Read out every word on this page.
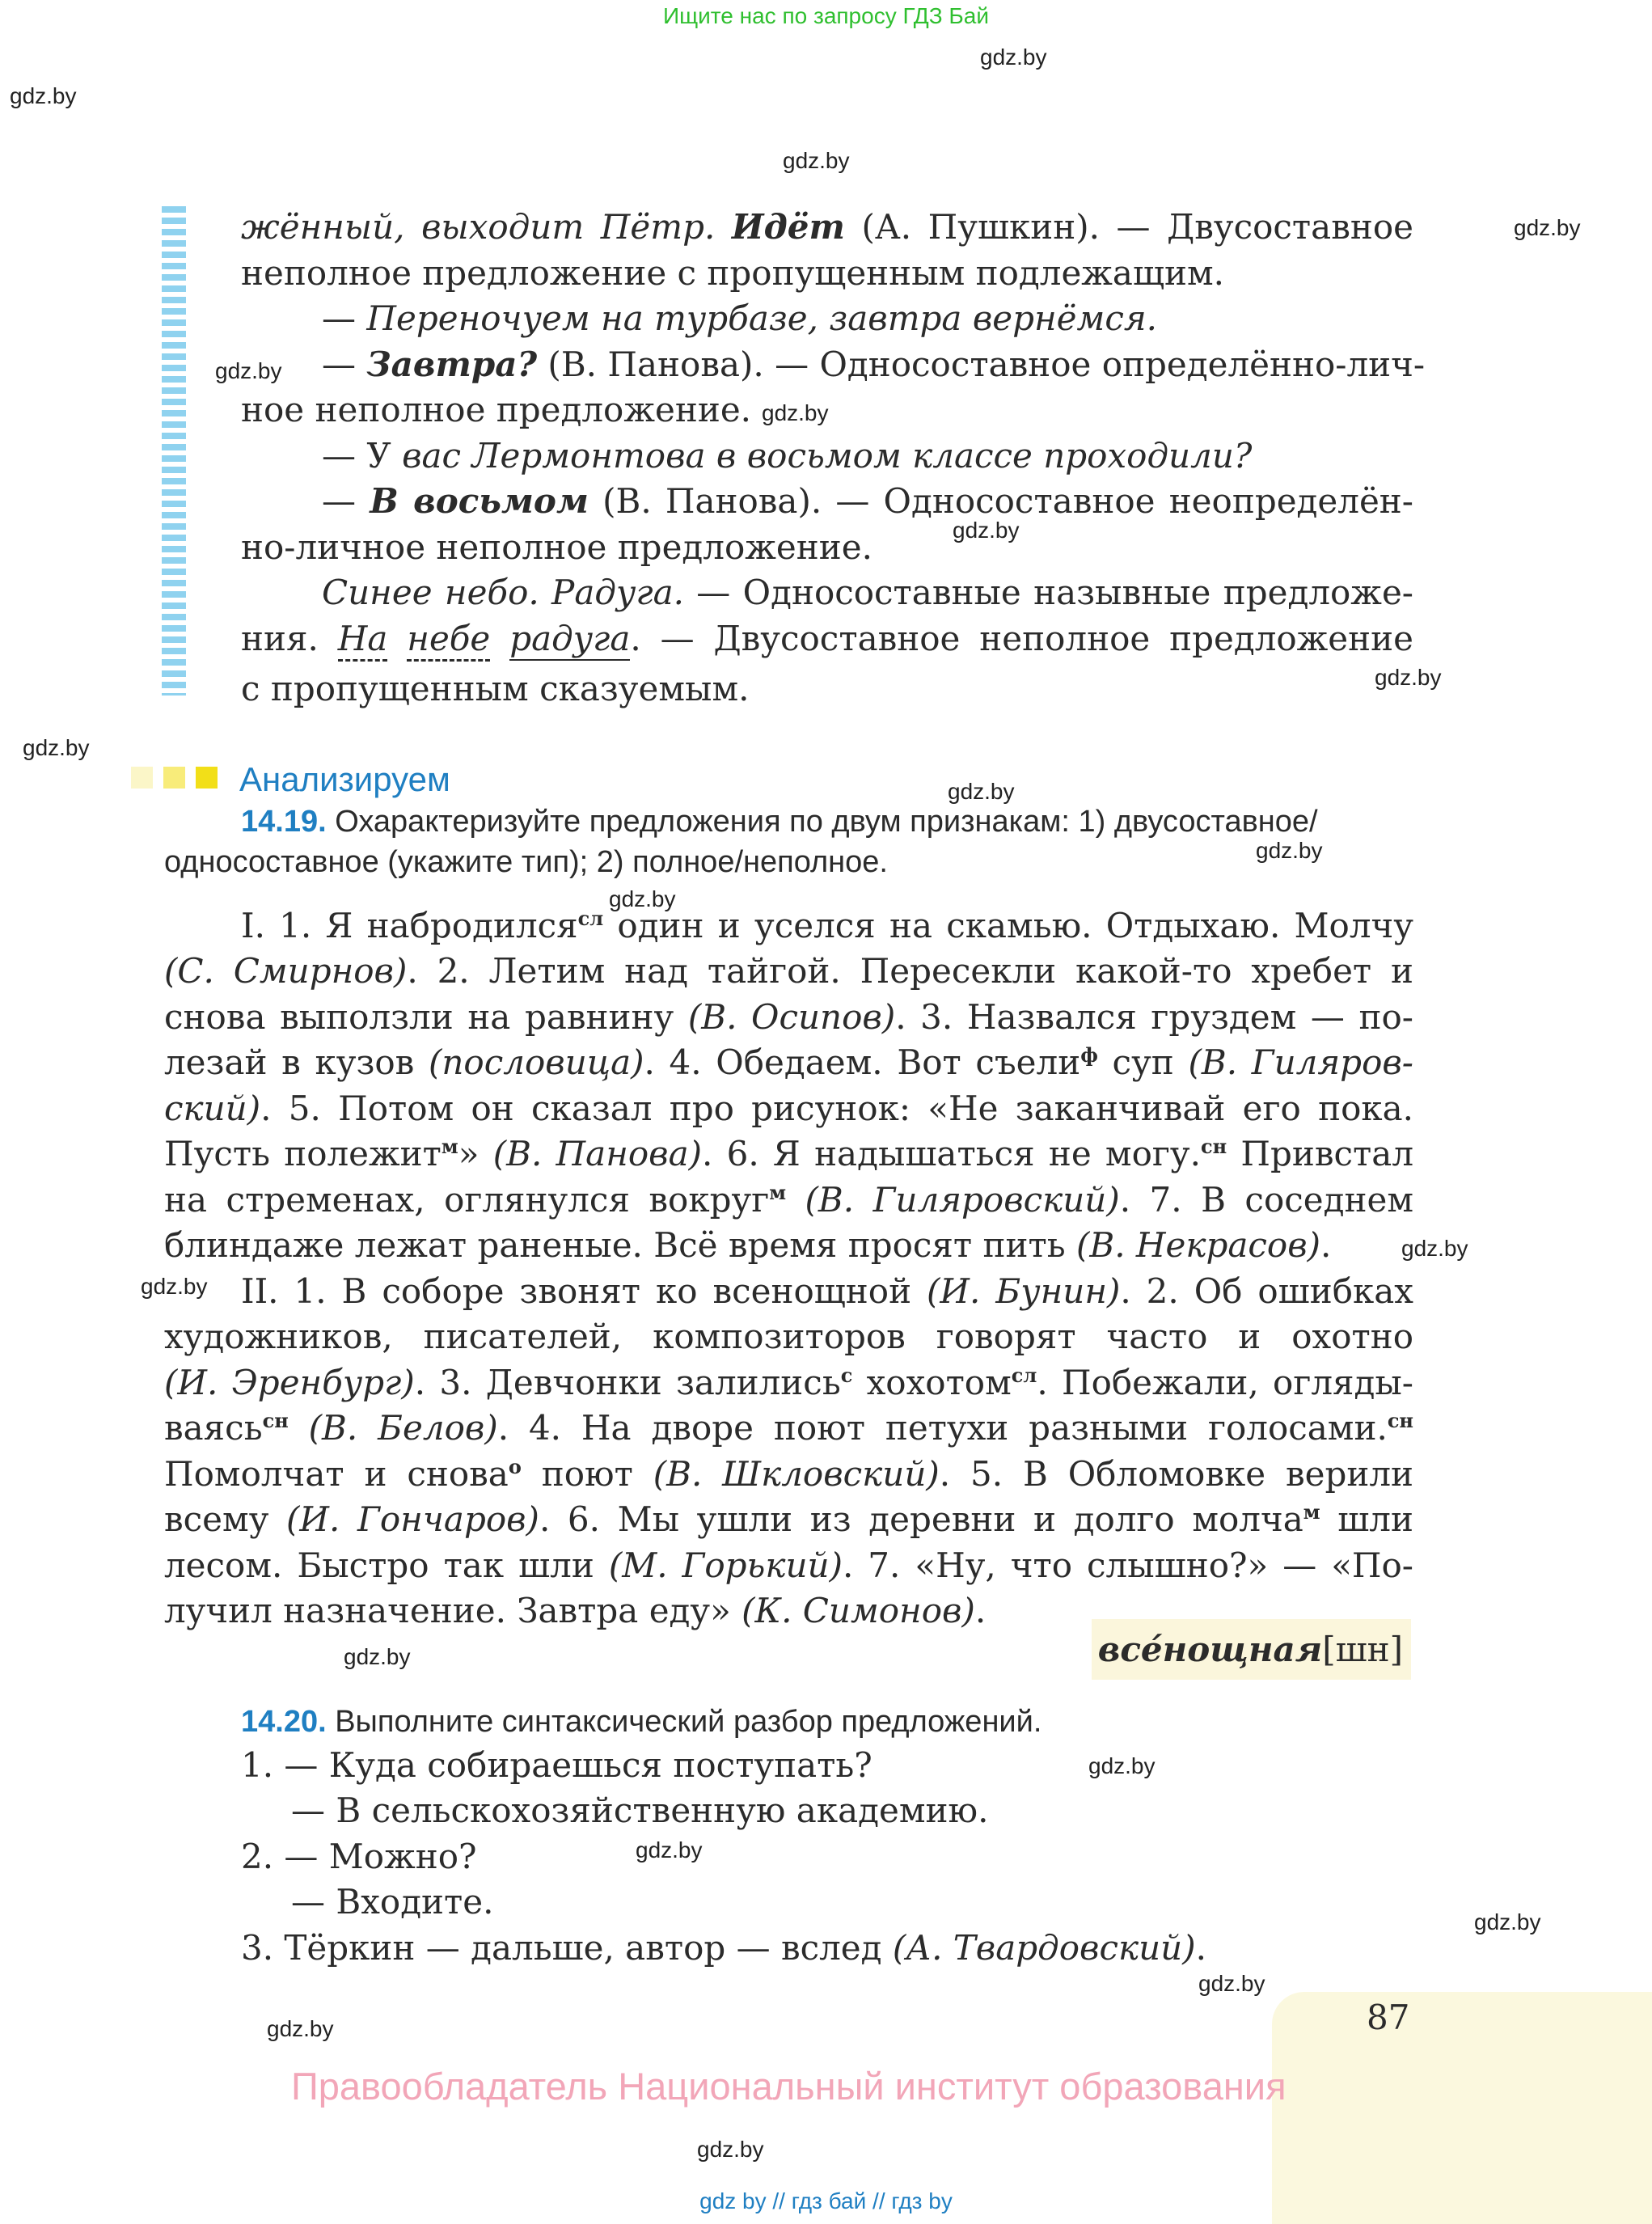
Ищите нас по запросу ГДЗ Бай
gdz.by
gdz.by
gdz.by
gdz.by
gdz.by
gdz.by
gdz.by
gdz.by
gdz.by
gdz.by
gdz.by
gdz.by
gdz.by
gdz.by
gdz.by
gdz.by
gdz.by
gdz.by
gdz.by
gdz.by
gdz.by
жённый, выходит Пётр. Идёт (А. Пушкин). — Двусоставное
неполное предложение с пропущенным подлежащим.
— Переночуем на турбазе, завтра вернёмся.
— Завтра? (В. Панова). — Односоставное определённо-лич-
ное неполное предложение.
— У вас Лермонтова в восьмом классе проходили?
— В восьмом (В. Панова). — Односоставное неопределён-
но-личное неполное предложение.
Синее небо. Радуга. — Односоставные назывные предложе-
ния. На небе радуга. — Двусоставное неполное предложение
с пропущенным сказуемым.
Анализируем
14.19. Охарактеризуйте предложения по двум признакам: 1) двусоставное/
односоставное (укажите тип); 2) полное/неполное.
I. 1. Я набродился$^{сл}$ один и уселся на скамью. Отдыхаю. Молчу
(С. Смирнов). 2. Летим над тайгой. Пересекли какой-то хребет и
снова выползли на равнину (В. Осипов). 3. Назвался груздем — по-
лезай в кузов (пословица). 4. Обедаем. Вот съели$^ф$ суп (В. Гиляров-
ский). 5. Потом он сказал про рисунок: «Не заканчивай его пока.
Пусть полежит$^м$» (В. Панова). 6. Я надышаться не могу.$^{сн}$ Привстал
на стременах, оглянулся вокруг$^м$ (В. Гиляровский). 7. В соседнем
блиндаже лежат раненые. Всё время просят пить (В. Некрасов).
II. 1. В соборе звонят ко всенощной (И. Бунин). 2. Об ошибках
художников, писателей, композиторов говорят часто и охотно
(И. Эренбург). 3. Девчонки залились$^с$ хохотом$^{сл}$. Побежали, огляды-
ваясь$^{сн}$ (В. Белов). 4. На дворе поют петухи разными голосами.$^{сн}$
Помолчат и снова$^о$ поют (В. Шкловский). 5. В Обломовке верили
всему (И. Гончаров). 6. Мы ушли из деревни и долго молча$^м$ шли
лесом. Быстро так шли (М. Горький). 7. «Ну, что слышно?» — «По-
лучил назначение. Завтра еду» (К. Симонов).
все́нощная [шн]
14.20. Выполните синтаксический разбор предложений.
1. — Куда собираешься поступать?
— В сельскохозяйственную академию.
2. — Можно?
— Входите.
3. Тёркин — дальше, автор — вслед (А. Твардовский).
87
Правообладатель Национальный институт образования
gdz by // гдз бай // гдз by
